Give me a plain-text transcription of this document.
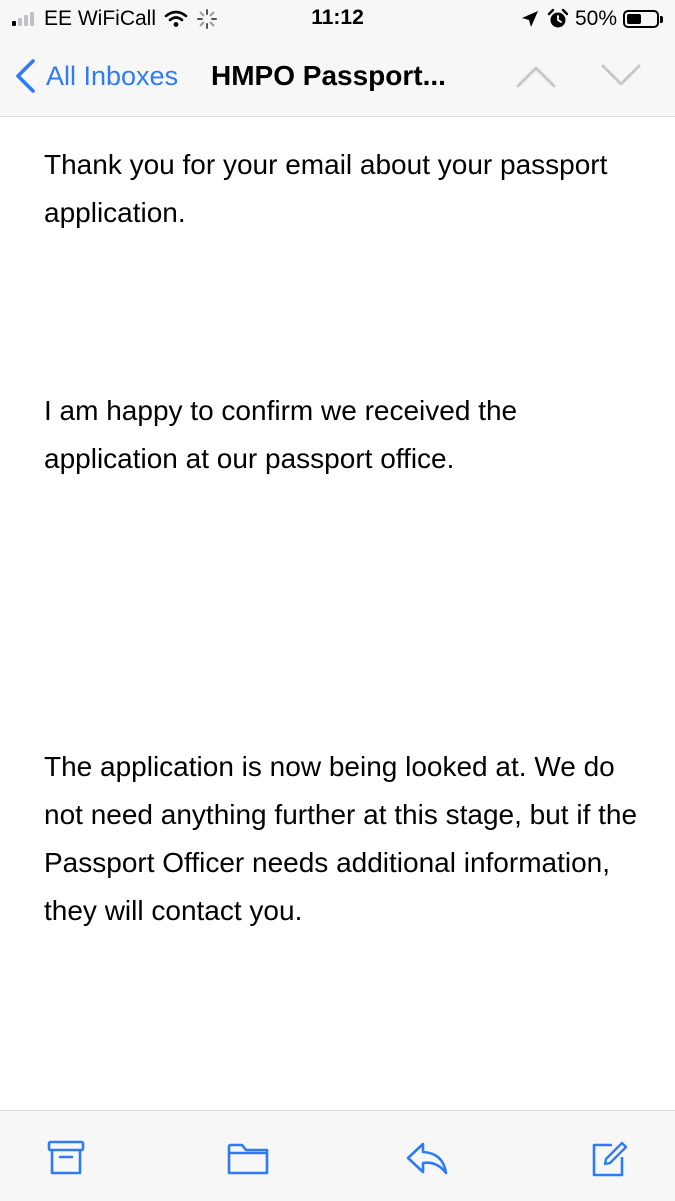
EE WiFiCall	11:12	50%
All Inboxes HMPO Passport...

Thank you for your email about your passport application.

I am happy to confirm we received the application at our passport office.

The application is now being looked at. We do not need anything further at this stage, but if the Passport Officer needs additional information, they will contact you.
